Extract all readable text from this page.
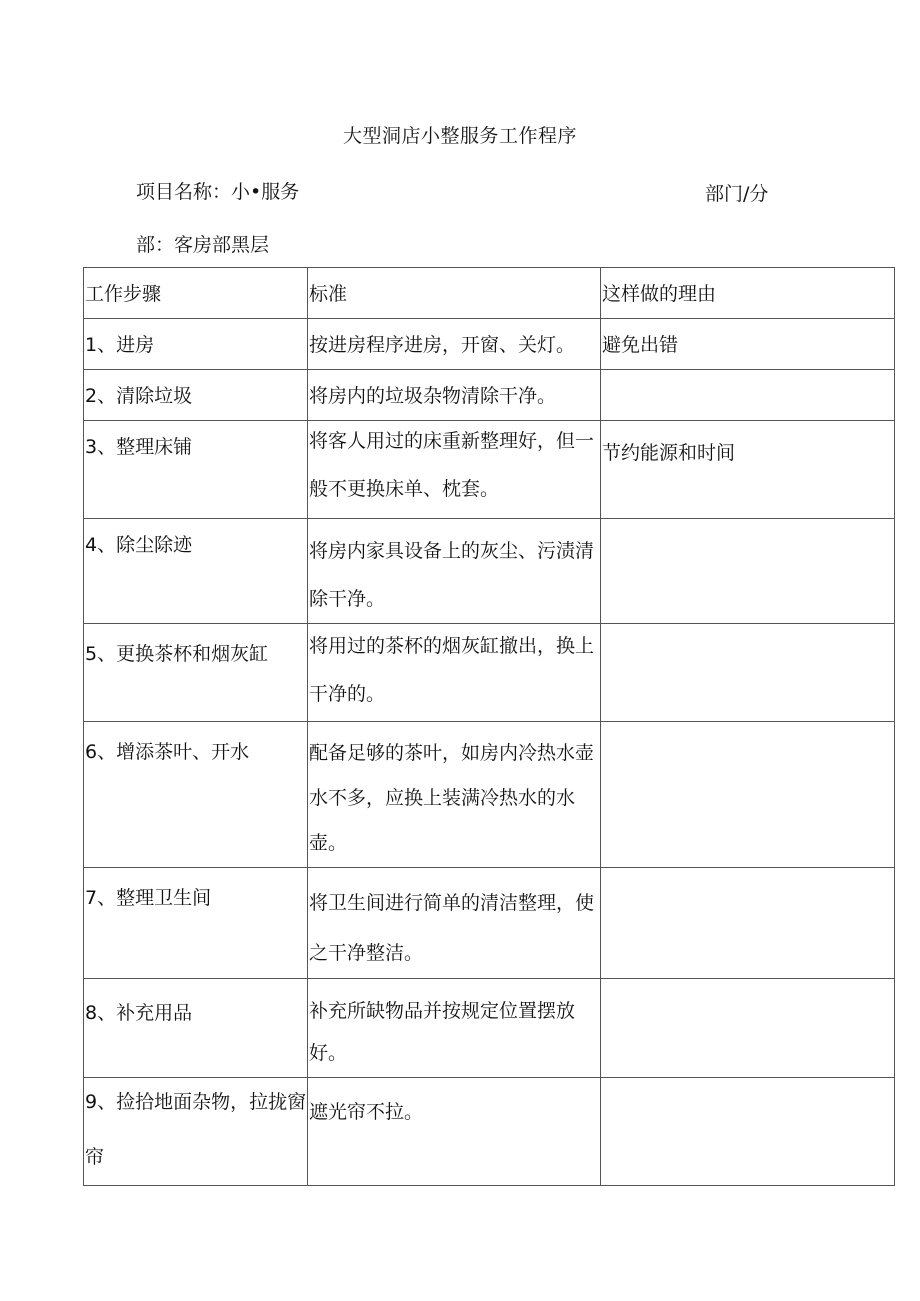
大型洞店小整服务工作程序
项目名称：小•服务	部门/分
部：客房部黑层
工作步骤	标准	这样做的理由

1、进房	按进房程序进房，开窗、关灯。	避免出错

2、清除垃圾	将房内的垃圾杂物清除干净。	

3、整理床铺	将客人用过的床重新整理好，但一般不更换床单、枕套。	节约能源和时间

4、除尘除迹	将房内家具设备上的灰尘、污渍清除干净。	

5、更换茶杯和烟灰缸	将用过的茶杯的烟灰缸撤出，换上干净的。	

6、增添茶叶、开水	配备足够的茶叶，如房内冷热水壶水不多，应换上装满冷热水的水壶。	

7、整理卫生间	将卫生间进行简单的清洁整理，使之干净整洁。	

8、补充用品	补充所缺物品并按规定位置摆放好。	

9、捡拾地面杂物，拉拢窗帘	遮光帘不拉。	
